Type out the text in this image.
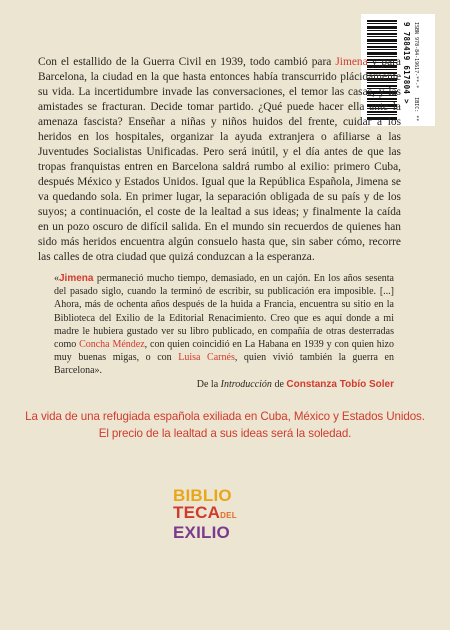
9 788419 617804 > ISBN 978-84-19617-**-*   IBIC: **

Con el estallido de la Guerra Civil en 1939, todo cambió para Jimena y para Barcelona, la ciudad en la que hasta entonces había transcurrido plácidamente su vida. La incertidumbre invade las conversaciones, el temor las casas, y las amistades se fracturan. Decide tomar partido. ¿Qué puede hacer ella ante la amenaza fascista? Enseñar a niñas y niños huidos del frente, cuidar a los heridos en los hospitales, organizar la ayuda extranjera o afiliarse a las Juventudes Socialistas Unificadas. Pero será inútil, y el día antes de que las tropas franquistas entren en Barcelona saldrá rumbo al exilio: primero Cuba, después México y Estados Unidos. Igual que la República Española, Jimena se va quedando sola. En primer lugar, la separación obligada de su país y de los suyos; a continuación, el coste de la lealtad a sus ideas; y finalmente la caída en un pozo oscuro de difícil salida. En el mundo sin recuerdos de quienes han sido más heridos encuentra algún consuelo hasta que, sin saber cómo, recorre las calles de otra ciudad que quizá conduzcan a la esperanza.

«Jimena permaneció mucho tiempo, demasiado, en un cajón. En los años sesenta del pasado siglo, cuando la terminó de escribir, su publicación era imposible. [...] Ahora, más de ochenta años después de la huida a Francia, encuentra su sitio en la Biblioteca del Exilio de la Editorial Renacimiento. Creo que es aquí donde a mi madre le hubiera gustado ver su libro publicado, en compañía de otras desterradas como Concha Méndez, con quien coincidió en La Habana en 1939 y con quien hizo muy buenas migas, o con Luisa Carnés, quien vivió también la guerra en Barcelona».
De la Introducción de Constanza Tobío Soler

La vida de una refugiada española exiliada en Cuba, México y Estados Unidos.
El precio de la lealtad a sus ideas será la soledad.

BIBLIO
TECADEL
EXILIO
